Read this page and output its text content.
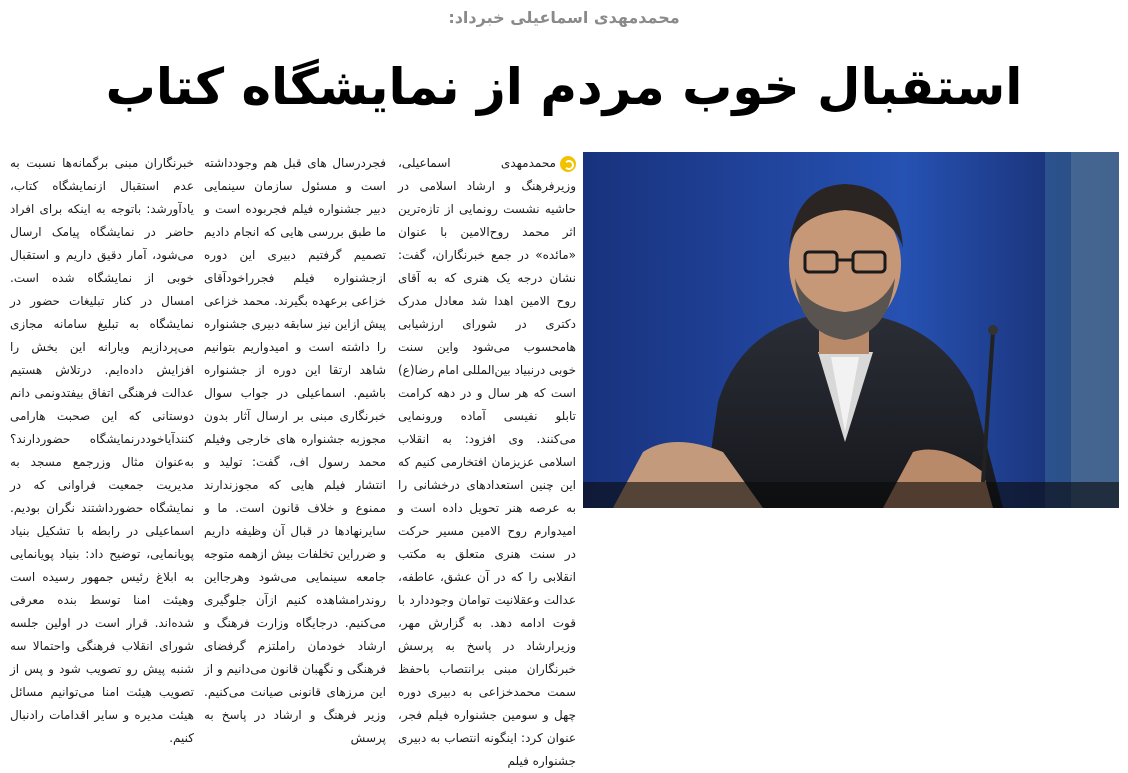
محمدمهدی اسماعیلی خبرداد:
استقبال خوب مردم از نمایشگاه کتاب
محمدمهدی اسماعیلی، وزیرفرهنگ و ارشاد اسلامی در حاشیه نشست رونمایی از تازه‌ترین اثر محمد روح‌الامین با عنوان «مائده» در جمع خبرنگاران، گفت: نشان درجه یک هنری که به آقای روح الامین اهدا شد معادل مدرک دکتری در شورای ارزشیابی هامحسوب می‌شود واین سنت خوبی درنبیاد بین‌المللی امام رضا(ع) است که هر سال و در دهه کرامت تابلو نفیسی آماده ورونمایی می‌کنند. وی افزود: به انقلاب اسلامی عزیزمان افتخارمی کنیم که این چنین استعدادهای درخشانی را به عرصه هنر تحویل داده است و امیدوارم روح الامین مسیر حرکت در سنت هنری متعلق به مکتب انقلابی را که در آن عشق، عاطفه، عدالت وعقلانیت توامان وجوددارد با قوت ادامه دهد. به گزارش مهر، وزیرارشاد در پاسخ به پرسش خبرنگاران مبنی برانتصاب باحفظ سمت محمدخزاعی به دبیری دوره چهل و سومین جشنواره فیلم فجر، عنوان کرد: اینگونه انتصاب به دبیری جشنواره فیلم
فجردرسال های قبل هم وجودداشته است و مسئول سازمان سینمایی دبیر جشنواره فیلم فجربوده است و ما طبق بررسی هایی که انجام دادیم تصمیم گرفتیم دبیری این دوره ازجشنواره فیلم فجرراخودآقای خزاعی برعهده بگیرند. محمد خزاعی پیش ازاین نیز سابقه دبیری جشنواره را داشته است و امیدواریم بتوانیم شاهد ارتقا این دوره از جشنواره باشیم. اسماعیلی در جواب سوال خبرنگاری مبنی بر ارسال آثار بدون مجوزبه جشنواره های خارجی وفیلم محمد رسول اف، گفت: تولید و انتشار فیلم هایی که مجوزندارند ممنوع و خلاف قانون است. ما و سایرنهادها در قبال آن وظیفه داریم و ضرراین تخلفات بیش ازهمه متوجه جامعه سینمایی می‌شود وهرجااین روندرامشاهده کنیم ازآن جلوگیری می‌کنیم. درجایگاه وزارت فرهنگ و ارشاد خودمان راملتزم گرفضای فرهنگی و نگهبان قانون می‌دانیم و از این مرزهای قانونی صیانت می‌کنیم. وزیر فرهنگ و ارشاد در پاسخ به پرسش
خبرنگاران مبنی برگمانه‌ها نسبت به عدم استقبال ازنمایشگاه کتاب، یادآورشد: باتوجه به اینکه برای افراد حاضر در نمایشگاه پیامک ارسال می‌شود، آمار دقیق داریم و استقبال خوبی از نمایشگاه شده است. امسال در کنار تبلیغات حضور در نمایشگاه به تبلیغ سامانه مجازی می‌پردازیم ویارانه این بخش را افزایش داده‌ایم. درتلاش هستیم عدالت فرهنگی اتفاق بیفتدونمی دانم دوستانی که این صحبت هارامی کنندآیاخوددرنمایشگاه حضوردارند؟ به‌عنوان مثال وزرجمع مسجد به مدیریت جمعیت فراوانی که در نمایشگاه حضورداشتند نگران بودیم. اسماعیلی در رابطه با تشکیل بنیاد پویانمایی، توضیح داد: بنیاد پویانمایی به ابلاغ رئیس جمهور رسیده است وهیئت امنا توسط بنده معرفی شده‌اند. قرار است در اولین جلسه شورای انقلاب فرهنگی واحتمالا سه شنبه پیش رو تصویب شود و پس از تصویب هیئت امنا می‌توانیم مسائل هیئت مدیره و سایر اقدامات رادنبال کنیم.
